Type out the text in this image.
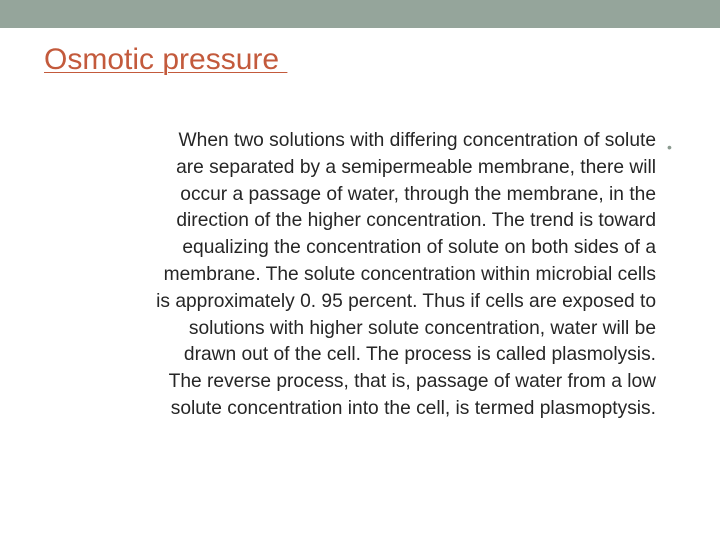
Osmotic pressure
•
When two solutions with differing concentration of solute
are separated by a semipermeable membrane, there will
occur a passage of water, through the membrane, in the
direction of the higher concentration. The trend is toward
equalizing the concentration of solute on both sides of a
membrane. The solute concentration within microbial cells
is approximately 0. 95 percent. Thus if cells are exposed to
solutions with higher solute concentration, water will be
drawn out of the cell. The process is called plasmolysis.
The reverse process, that is, passage of water from a low
solute concentration into the cell, is termed plasmoptysis.
